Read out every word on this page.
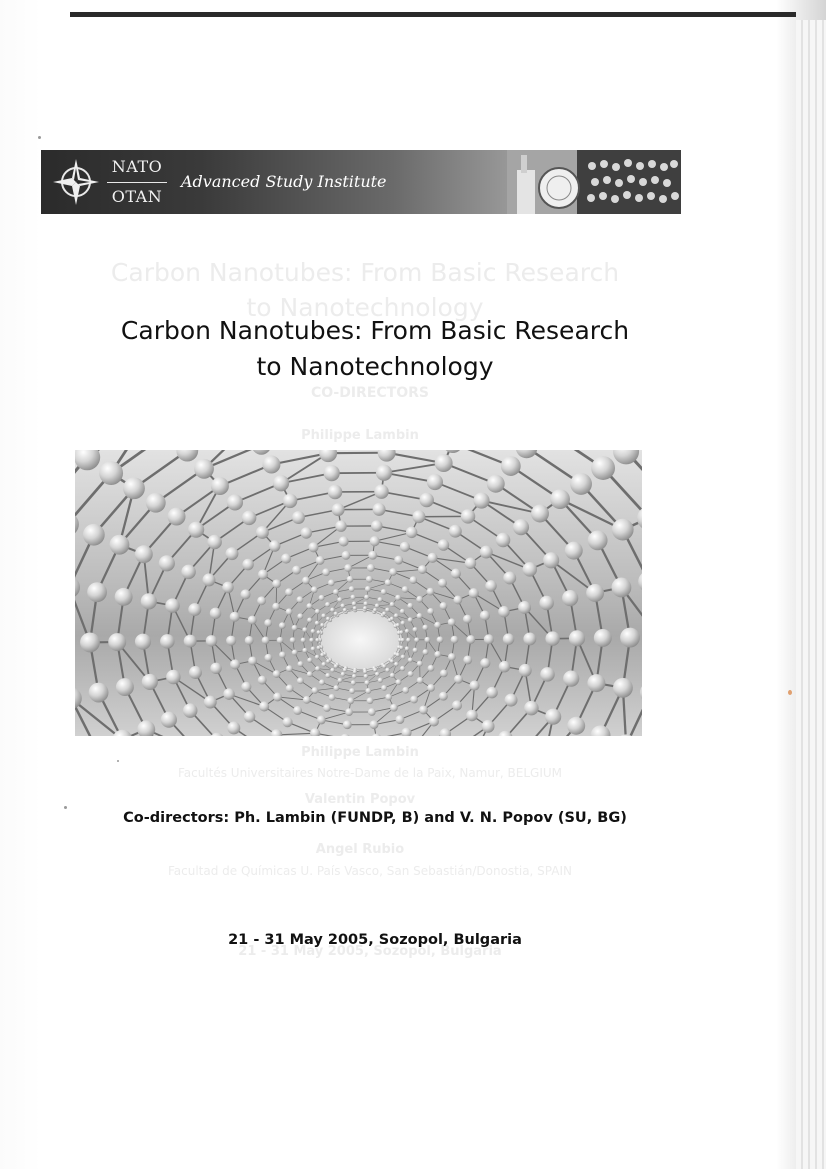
Carbon Nanotubes: From Basic Research
to Nanotechnology
CO-DIRECTORS
Philippe Lambin
Philippe Lambin
Facultés Universitaires Notre-Dame de la Paix, Namur, BELGIUM
Valentin Popov
Angel Rubio
Facultad de Químicas U. País Vasco, San Sebastián/Donostia, SPAIN
21 - 31 May 2005, Sozopol, Bulgaria
NATO
OTAN
Advanced Study Institute
Carbon Nanotubes: From Basic Research
to Nanotechnology
Co-directors: Ph. Lambin (FUNDP, B) and V. N. Popov (SU, BG)
21 - 31 May 2005, Sozopol, Bulgaria
